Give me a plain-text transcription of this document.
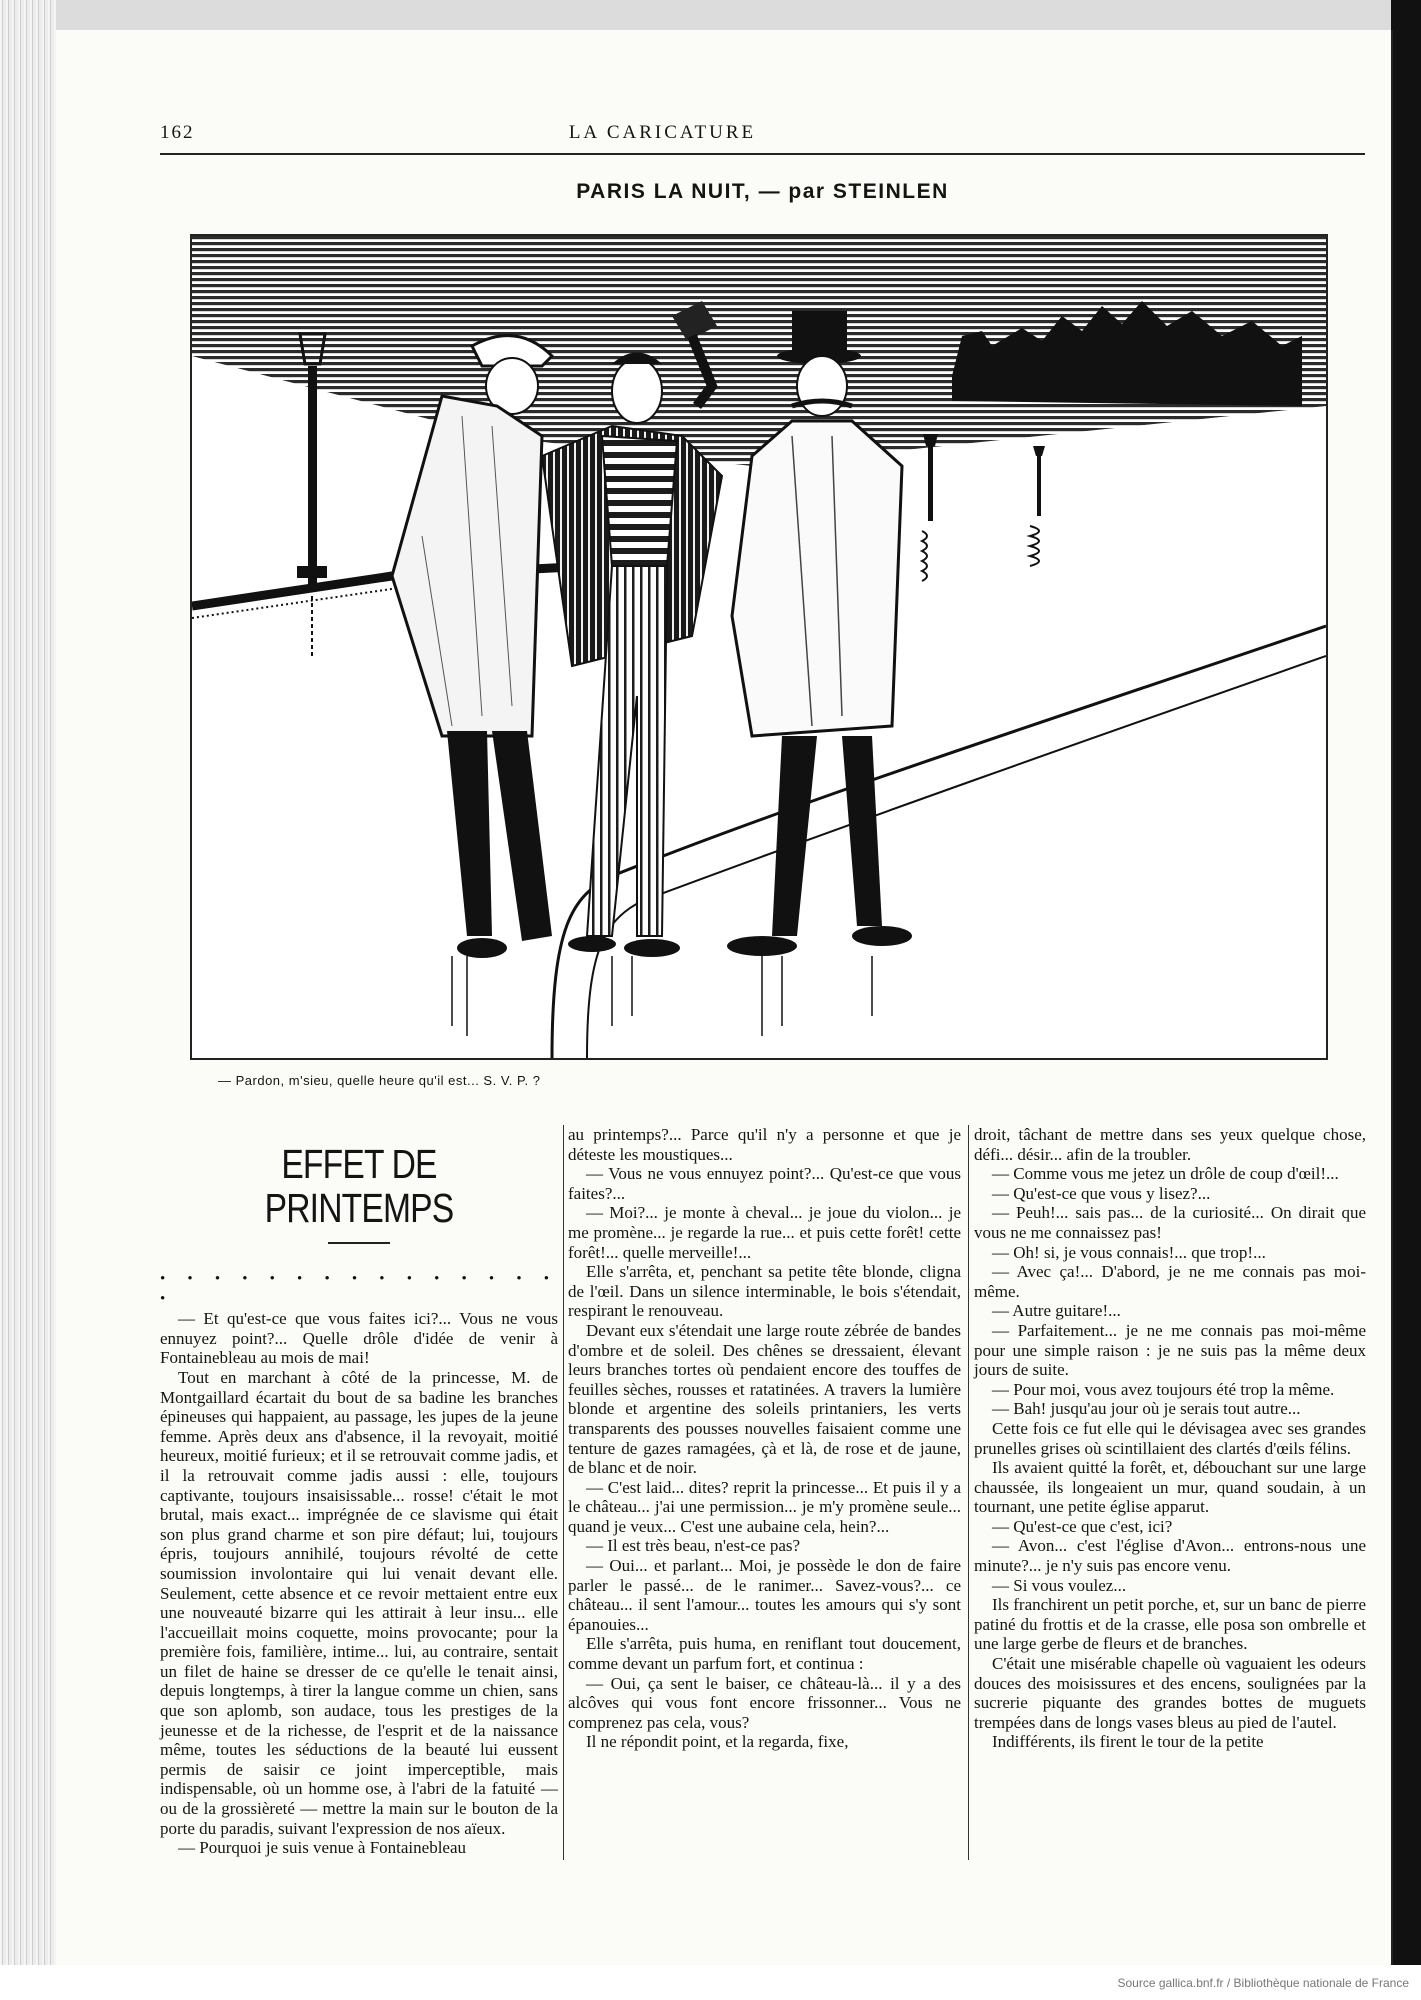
162	LA CARICATURE
PARIS LA NUIT, — par STEINLEN
— Pardon, m'sieu, quelle heure qu'il est... S. V. P. ?
EFFET DE PRINTEMPS

• • • • • • • • • • • • • • • •

— Et qu'est-ce que vous faites ici?... Vous ne vous ennuyez point?... Quelle drôle d'idée de venir à Fontainebleau au mois de mai!

Tout en marchant à côté de la princesse, M. de Montgaillard écartait du bout de sa badine les branches épineuses qui happaient, au passage, les jupes de la jeune femme. Après deux ans d'absence, il la revoyait, moitié heureux, moitié furieux; et il se retrouvait comme jadis, et il la retrouvait comme jadis aussi : elle, toujours captivante, toujours insaisissable... rosse! c'était le mot brutal, mais exact... imprégnée de ce slavisme qui était son plus grand charme et son pire défaut; lui, toujours épris, toujours annihilé, toujours révolté de cette soumission involontaire qui lui venait devant elle. Seulement, cette absence et ce revoir mettaient entre eux une nouveauté bizarre qui les attirait à leur insu... elle l'accueillait moins coquette, moins provocante; pour la première fois, familière, intime... lui, au contraire, sentait un filet de haine se dresser de ce qu'elle le tenait ainsi, depuis longtemps, à tirer la langue comme un chien, sans que son aplomb, son audace, tous les prestiges de la jeunesse et de la richesse, de l'esprit et de la naissance même, toutes les séductions de la beauté lui eussent permis de saisir ce joint imperceptible, mais indispensable, où un homme ose, à l'abri de la fatuité — ou de la grossièreté — mettre la main sur le bouton de la porte du paradis, suivant l'expression de nos aïeux.

— Pourquoi je suis venue à Fontainebleau

au printemps?... Parce qu'il n'y a personne et que je déteste les moustiques...

— Vous ne vous ennuyez point?... Qu'est-ce que vous faites?...

— Moi?... je monte à cheval... je joue du violon... je me promène... je regarde la rue... et puis cette forêt! cette forêt!... quelle merveille!...

Elle s'arrêta, et, penchant sa petite tête blonde, cligna de l'œil. Dans un silence interminable, le bois s'étendait, respirant le renouveau.

Devant eux s'étendait une large route zébrée de bandes d'ombre et de soleil. Des chênes se dressaient, élevant leurs branches tortes où pendaient encore des touffes de feuilles sèches, rousses et ratatinées. A travers la lumière blonde et argentine des soleils printaniers, les verts transparents des pousses nouvelles faisaient comme une tenture de gazes ramagées, çà et là, de rose et de jaune, de blanc et de noir.

— C'est laid... dites? reprit la princesse... Et puis il y a le château... j'ai une permission... je m'y promène seule... quand je veux... C'est une aubaine cela, hein?...

— Il est très beau, n'est-ce pas?

— Oui... et parlant... Moi, je possède le don de faire parler le passé... de le ranimer... Savez-vous?... ce château... il sent l'amour... toutes les amours qui s'y sont épanouies...

Elle s'arrêta, puis huma, en reniflant tout doucement, comme devant un parfum fort, et continua :

— Oui, ça sent le baiser, ce château-là... il y a des alcôves qui vous font encore frissonner... Vous ne comprenez pas cela, vous?

Il ne répondit point, et la regarda, fixe,

droit, tâchant de mettre dans ses yeux quelque chose, défi... désir... afin de la troubler.

— Comme vous me jetez un drôle de coup d'œil!...

— Qu'est-ce que vous y lisez?...

— Peuh!... sais pas... de la curiosité... On dirait que vous ne me connaissez pas!

— Oh! si, je vous connais!... que trop!...

— Avec ça!... D'abord, je ne me connais pas moi-même.

— Autre guitare!...

— Parfaitement... je ne me connais pas moi-même pour une simple raison : je ne suis pas la même deux jours de suite.

— Pour moi, vous avez toujours été trop la même.

— Bah! jusqu'au jour où je serais tout autre...

Cette fois ce fut elle qui le dévisagea avec ses grandes prunelles grises où scintillaient des clartés d'œils félins.

Ils avaient quitté la forêt, et, débouchant sur une large chaussée, ils longeaient un mur, quand soudain, à un tournant, une petite église apparut.

— Qu'est-ce que c'est, ici?

— Avon... c'est l'église d'Avon... entrons-nous une minute?... je n'y suis pas encore venu.

— Si vous voulez...

Ils franchirent un petit porche, et, sur un banc de pierre patiné du frottis et de la crasse, elle posa son ombrelle et une large gerbe de fleurs et de branches.

C'était une misérable chapelle où vaguaient les odeurs douces des moisissures et des encens, soulignées par la sucrerie piquante des grandes bottes de muguets trempées dans de longs vases bleus au pied de l'autel.

Indifférents, ils firent le tour de la petite

Source gallica.bnf.fr / Bibliothèque nationale de France
